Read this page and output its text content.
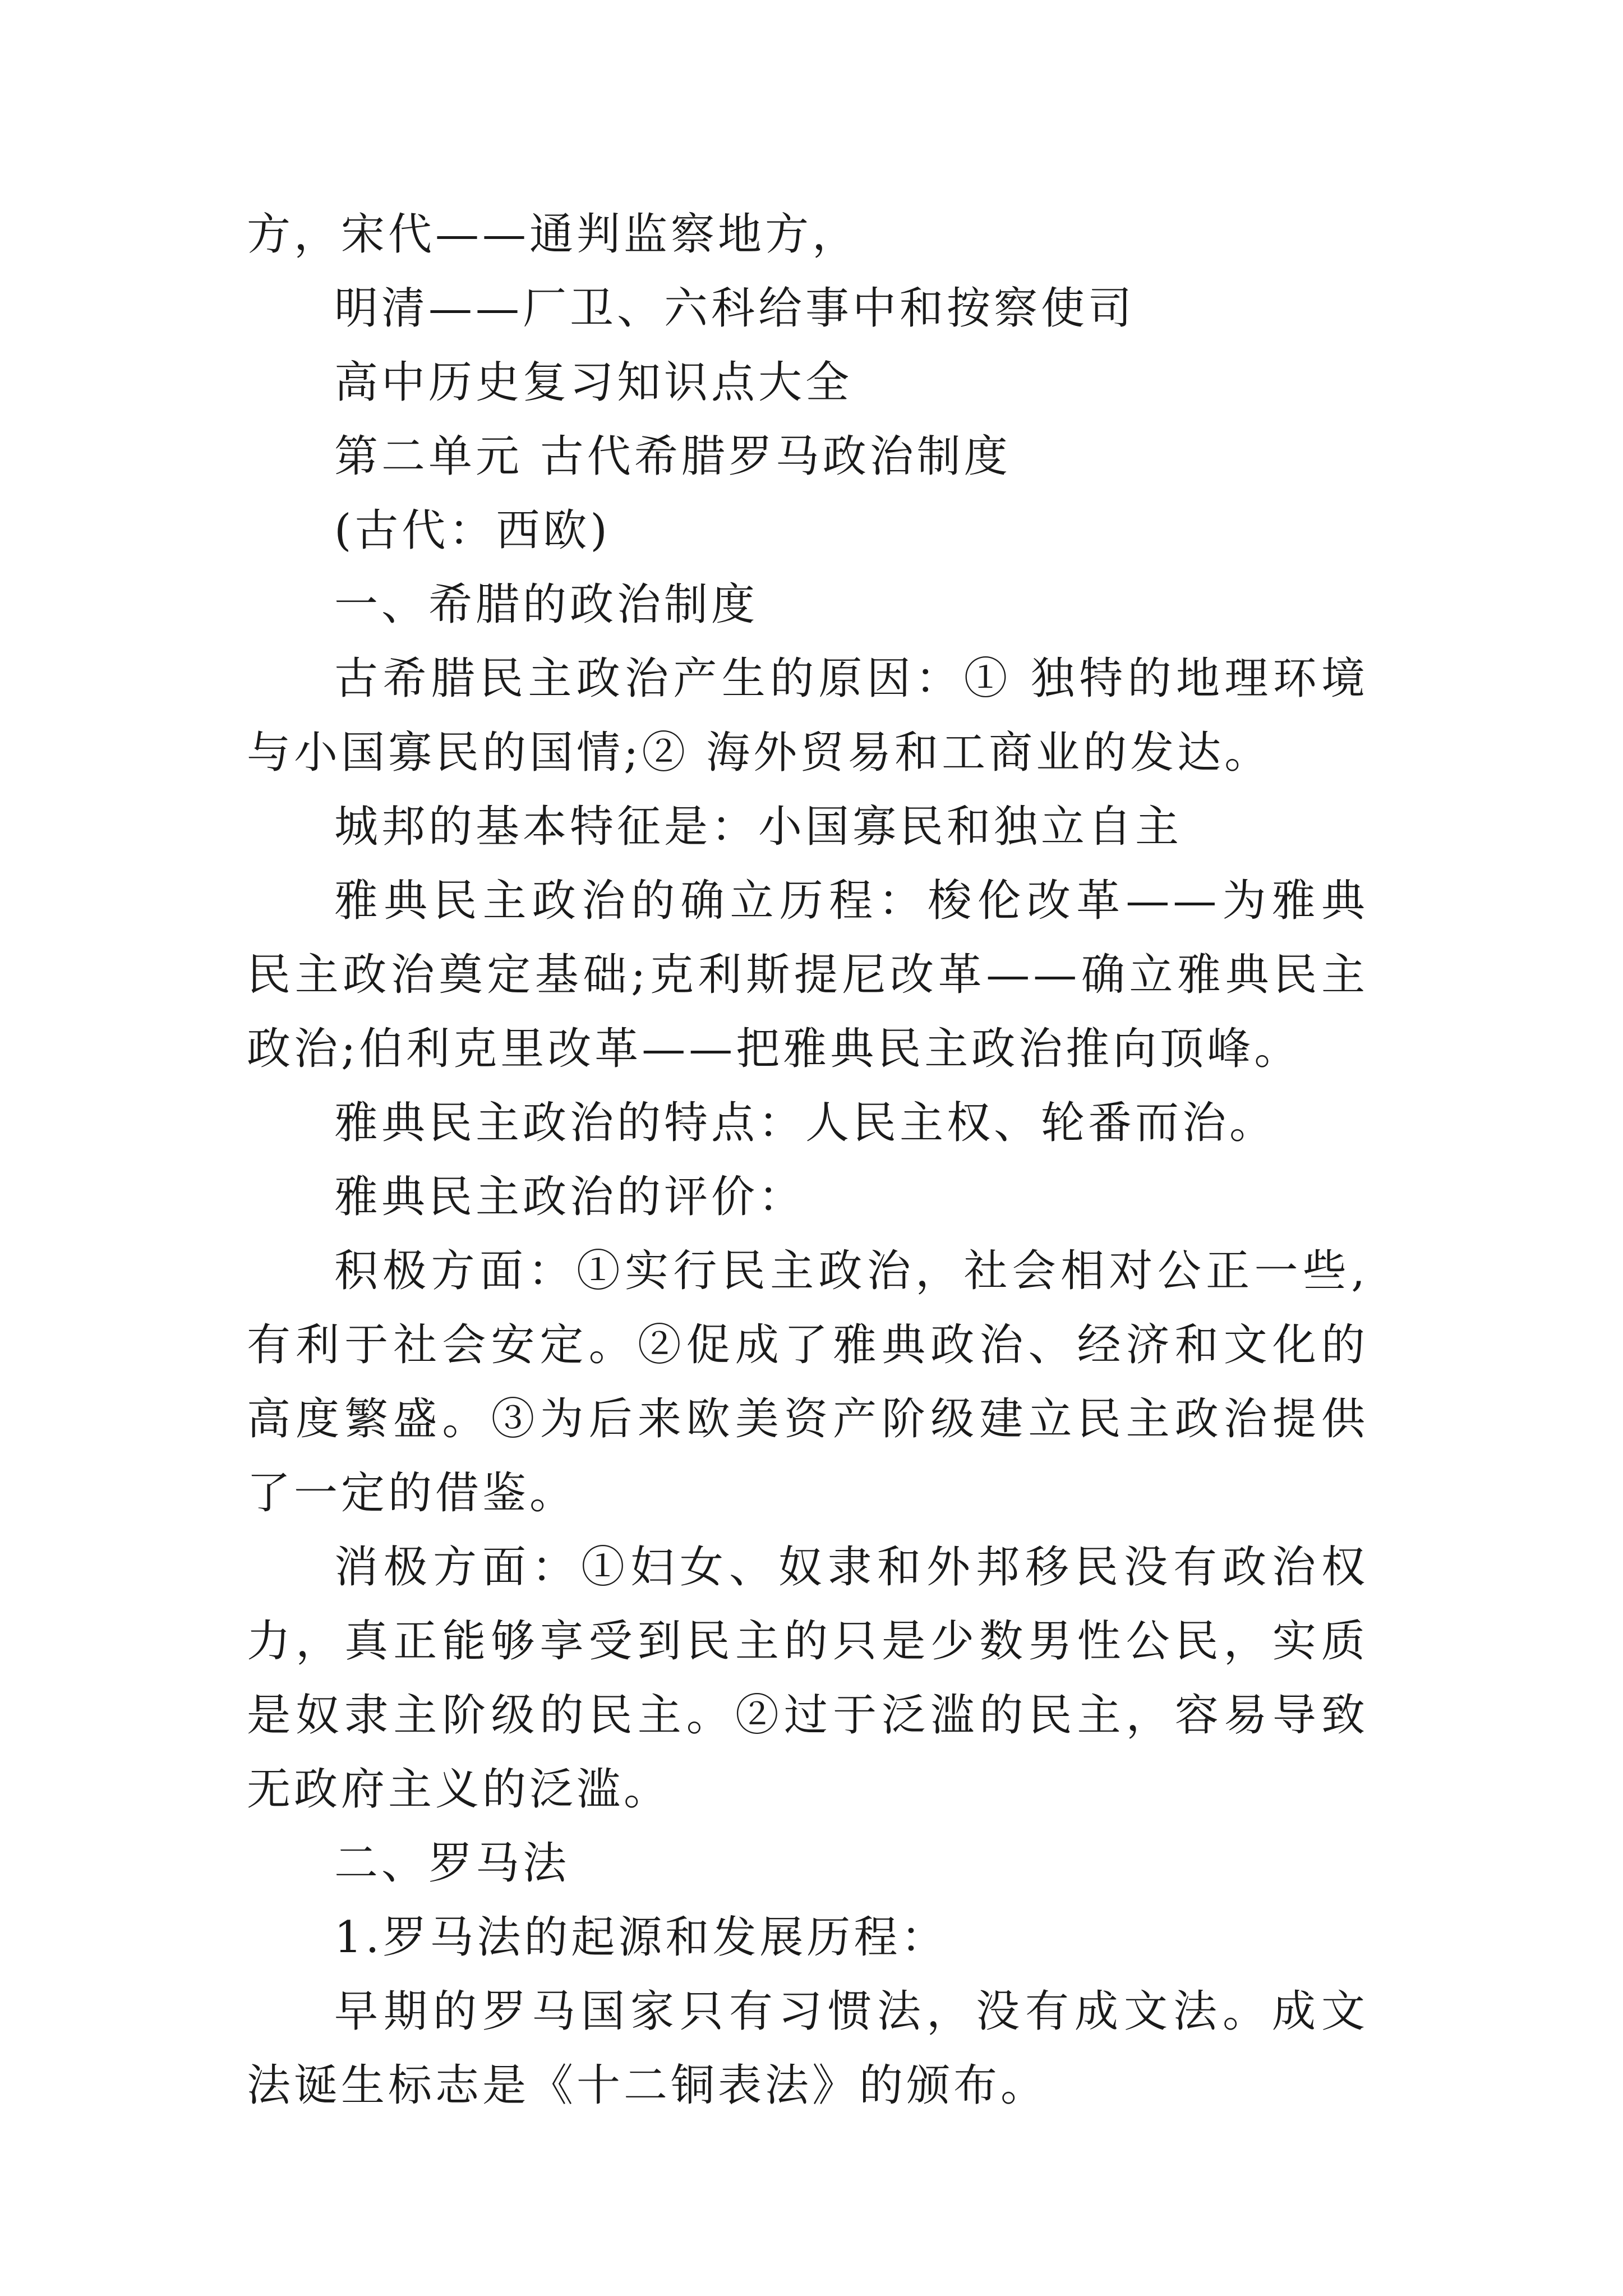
方，宋代——通判监察地方，

明清——厂卫、六科给事中和按察使司

高中历史复习知识点大全

第二单元 古代希腊罗马政治制度

(古代：西欧)

一、希腊的政治制度

古希腊民主政治产生的原因：① 独特的地理环境与小国寡民的国情;② 海外贸易和工商业的发达。

城邦的基本特征是：小国寡民和独立自主

雅典民主政治的确立历程：梭伦改革——为雅典民主政治奠定基础;克利斯提尼改革——确立雅典民主政治;伯利克里改革——把雅典民主政治推向顶峰。

雅典民主政治的特点：人民主权、轮番而治。

雅典民主政治的评价：

积极方面：①实行民主政治，社会相对公正一些,有利于社会安定。②促成了雅典政治、经济和文化的高度繁盛。③为后来欧美资产阶级建立民主政治提供了一定的借鉴。

消极方面：①妇女、奴隶和外邦移民没有政治权力，真正能够享受到民主的只是少数男性公民，实质是奴隶主阶级的民主。②过于泛滥的民主，容易导致无政府主义的泛滥。

二、罗马法

1.罗马法的起源和发展历程：

早期的罗马国家只有习惯法，没有成文法。成文法诞生标志是《十二铜表法》的颁布。
